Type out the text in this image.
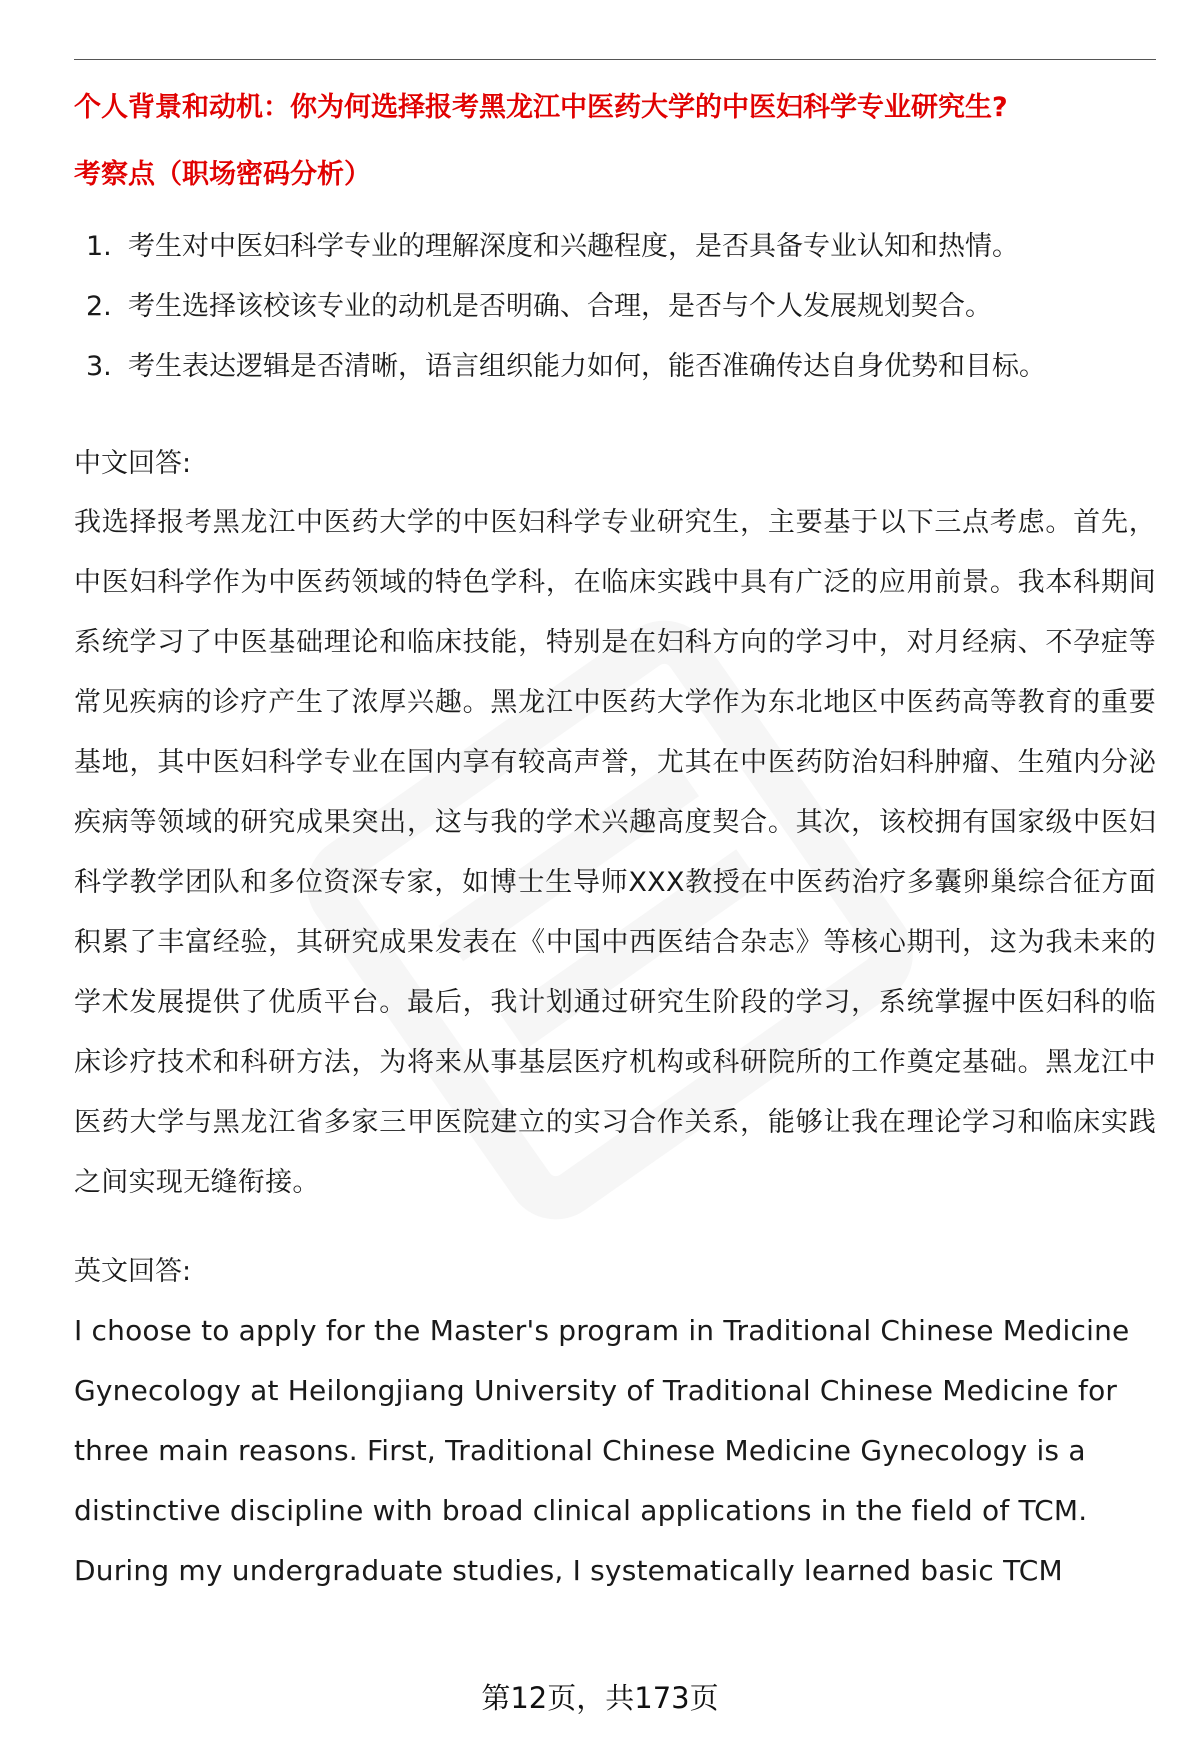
个人背景和动机：你为何选择报考黑龙江中医药大学的中医妇科学专业研究生?

考察点（职场密码分析）

1. 考生对中医妇科学专业的理解深度和兴趣程度，是否具备专业认知和热情。
2. 考生选择该校该专业的动机是否明确、合理，是否与个人发展规划契合。
3. 考生表达逻辑是否清晰，语言组织能力如何，能否准确传达自身优势和目标。

中文回答:

我选择报考黑龙江中医药大学的中医妇科学专业研究生，主要基于以下三点考虑。首先，中医妇科学作为中医药领域的特色学科，在临床实践中具有广泛的应用前景。我本科期间系统学习了中医基础理论和临床技能，特别是在妇科方向的学习中，对月经病、不孕症等常见疾病的诊疗产生了浓厚兴趣。黑龙江中医药大学作为东北地区中医药高等教育的重要基地，其中医妇科学专业在国内享有较高声誉，尤其在中医药防治妇科肿瘤、生殖内分泌疾病等领域的研究成果突出，这与我的学术兴趣高度契合。其次，该校拥有国家级中医妇科学教学团队和多位资深专家，如博士生导师XXX教授在中医药治疗多囊卵巢综合征方面积累了丰富经验，其研究成果发表在《中国中西医结合杂志》等核心期刊，这为我未来的学术发展提供了优质平台。最后，我计划通过研究生阶段的学习，系统掌握中医妇科的临床诊疗技术和科研方法，为将来从事基层医疗机构或科研院所的工作奠定基础。黑龙江中医药大学与黑龙江省多家三甲医院建立的实习合作关系，能够让我在理论学习和临床实践之间实现无缝衔接。

英文回答:

I choose to apply for the Master's program in Traditional Chinese Medicine Gynecology at Heilongjiang University of Traditional Chinese Medicine for three main reasons. First, Traditional Chinese Medicine Gynecology is a distinctive discipline with broad clinical applications in the field of TCM. During my undergraduate studies, I systematically learned basic TCM

第12页，共173页
